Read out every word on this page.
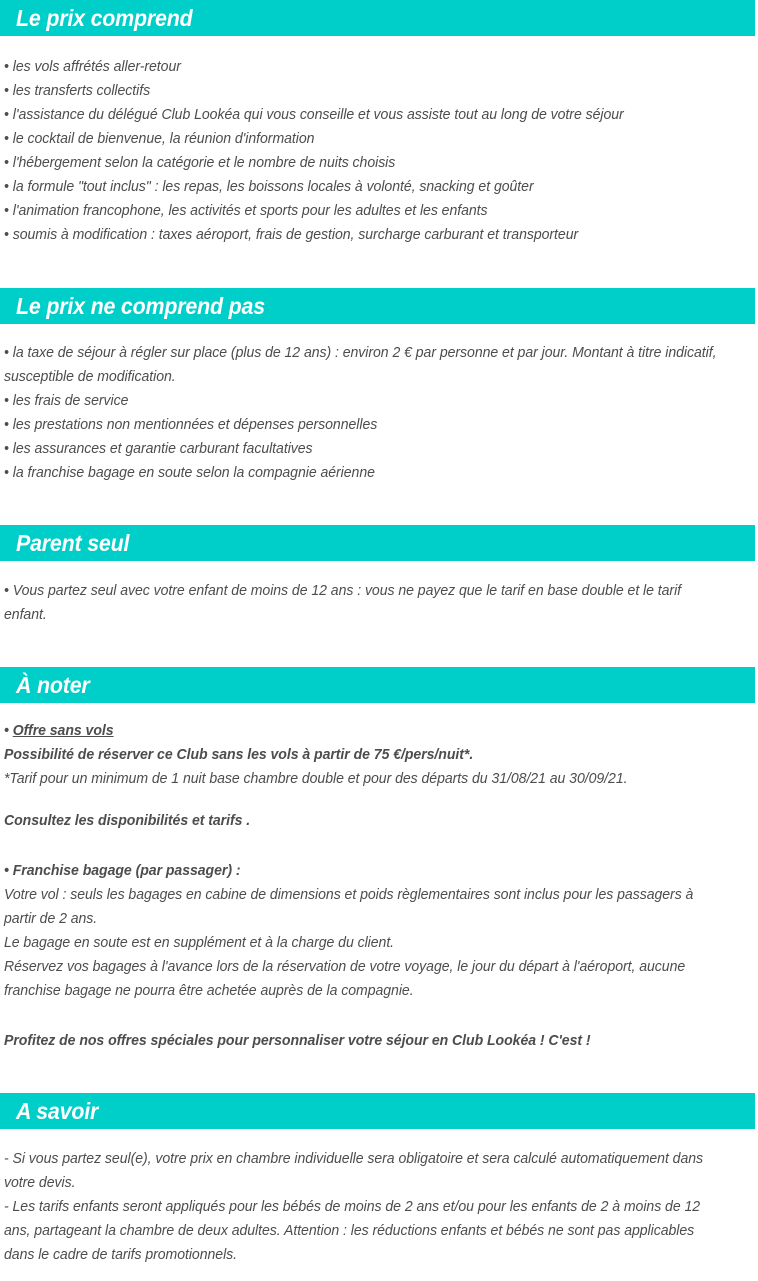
Le prix comprend
• les vols affrétés aller-retour
• les transferts collectifs
• l'assistance du délégué Club Lookéa qui vous conseille et vous assiste tout au long de votre séjour
• le cocktail de bienvenue, la réunion d'information
• l'hébergement selon la catégorie et le nombre de nuits choisis
• la formule "tout inclus" : les repas, les boissons locales à volonté, snacking et goûter
• l'animation francophone, les activités et sports pour les adultes et les enfants
• soumis à modification : taxes aéroport, frais de gestion, surcharge carburant et transporteur
Le prix ne comprend pas
• la taxe de séjour à régler sur place (plus de 12 ans) : environ 2 € par personne et par jour. Montant à titre indicatif, susceptible de modification.
• les frais de service
• les prestations non mentionnées et dépenses personnelles
• les assurances et garantie carburant facultatives
• la franchise bagage en soute selon la compagnie aérienne
Parent seul
• Vous partez seul avec votre enfant de moins de 12 ans : vous ne payez que le tarif en base double et le tarif enfant.
À noter
• Offre sans vols
Possibilité de réserver ce Club sans les vols à partir de 75 €/pers/nuit*.
*Tarif pour un minimum de 1 nuit base chambre double et pour des départs du 31/08/21 au 30/09/21.
Consultez les disponibilités et tarifs .
• Franchise bagage (par passager) :
Votre vol : seuls les bagages en cabine de dimensions et poids règlementaires sont inclus pour les passagers à partir de 2 ans.
Le bagage en soute est en supplément et à la charge du client.
Réservez vos bagages à l'avance lors de la réservation de votre voyage, le jour du départ à l'aéroport, aucune franchise bagage ne pourra être achetée auprès de la compagnie.
Profitez de nos offres spéciales pour personnaliser votre séjour en Club Lookéa ! C'est !
A savoir
- Si vous partez seul(e), votre prix en chambre individuelle sera obligatoire et sera calculé automatiquement dans votre devis.
- Les tarifs enfants seront appliqués pour les bébés de moins de 2 ans et/ou pour les enfants de 2 à moins de 12 ans, partageant la chambre de deux adultes. Attention : les réductions enfants et bébés ne sont pas applicables dans le cadre de tarifs promotionnels.
